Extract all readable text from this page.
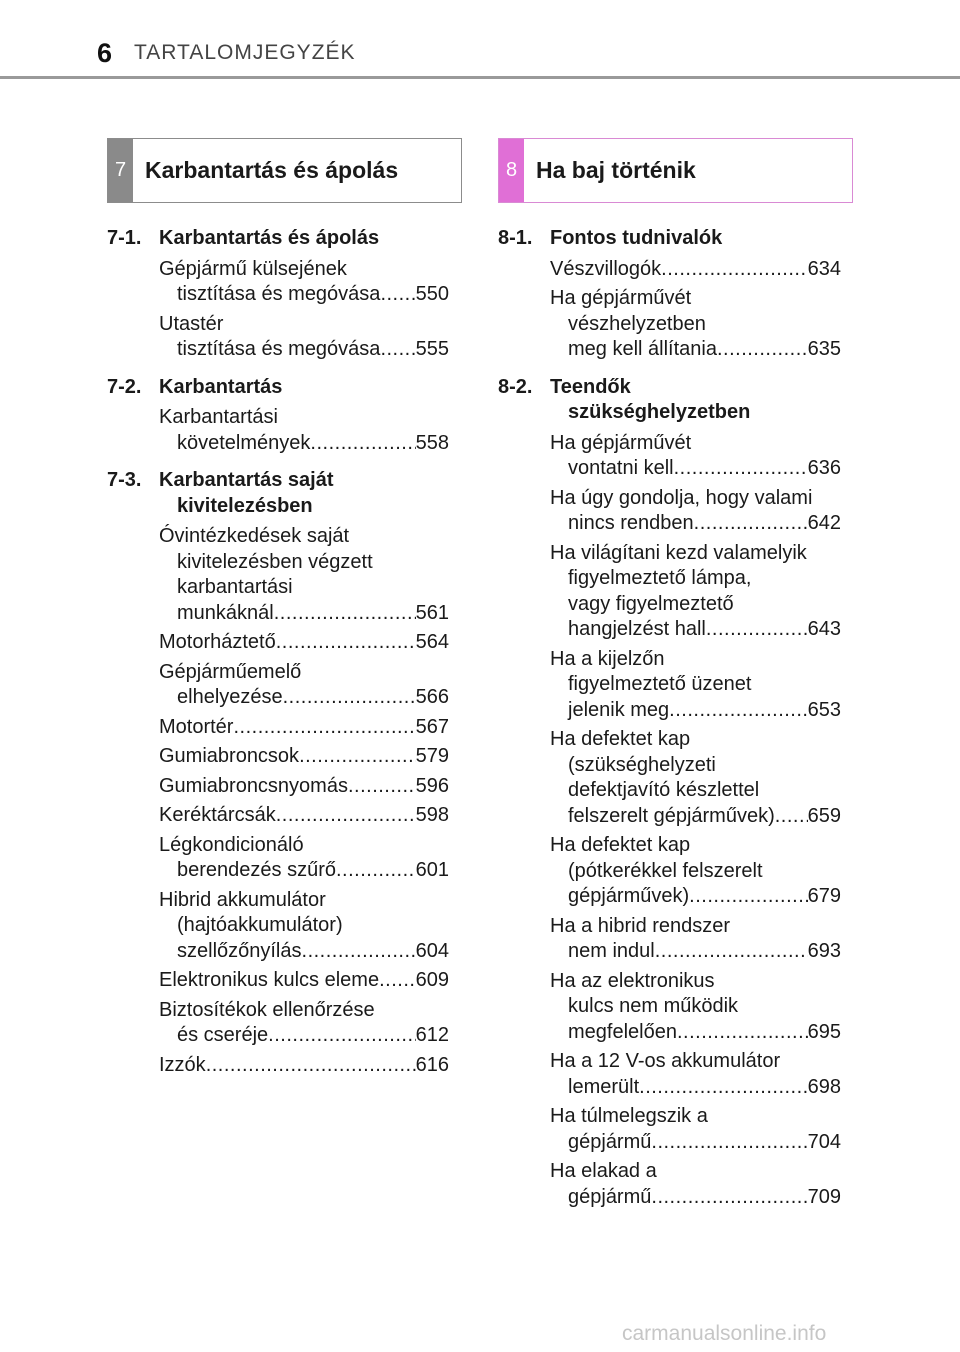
6 TARTALOMJEGYZÉK
7 Karbantartás és ápolás	8 Ha baj történik
7-1. Karbantartás és ápolás
Gépjármű külsejének
tisztítása és megóvása ..... 550
Utastér
tisztítása és megóvása ..... 555
7-2. Karbantartás
Karbantartási
követelmények .....	558
7-3. Karbantartás saját
kivitelezésben
Óvintézkedések saját
kivitelezésben végzett
karbantartási
munkáknál .....	561
Motorháztető .....	564
Gépjárműemelő
elhelyezése .....	566
Motortér .....	567
Gumiabroncsok .....	579
Gumiabroncsnyomás .....	596
Keréktárcsák .....	598
Légkondicionáló
berendezés szűrő .....	601
Hibrid akkumulátor
(hajtóakkumulátor)
szellőzőnyílás .....	604
Elektronikus kulcs eleme ..... 609
Biztosítékok ellenőrzése
és cseréje .....	612
Izzók .....	616
8-1. Fontos tudnivalók
Vészvillogók .....	634
Ha gépjárművét
vészhelyzetben
meg kell állítania .....	635
8-2. Teendők
szükséghelyzetben
Ha gépjárművét
vontatni kell .....	636
Ha úgy gondolja, hogy valami
nincs rendben .....	642
Ha világítani kezd valamelyik
figyelmeztető lámpa,
vagy figyelmeztető
hangjelzést hall .....	643
Ha a kijelzőn
figyelmeztető üzenet
jelenik meg .....	653
Ha defektet kap
(szükséghelyzeti
defektjavító készlettel
felszerelt gépjárművek) ..... 659
Ha defektet kap
(pótkerékkel felszerelt
gépjárművek) .....	679
Ha a hibrid rendszer
nem indul .....	693
Ha az elektronikus
kulcs nem működik
megfelelően .....	695
Ha a 12 V-os akkumulátor
lemerült .....	698
Ha túlmelegszik a
gépjármű .....	704
Ha elakad a
gépjármű .....	709
carmanualsonline.info
